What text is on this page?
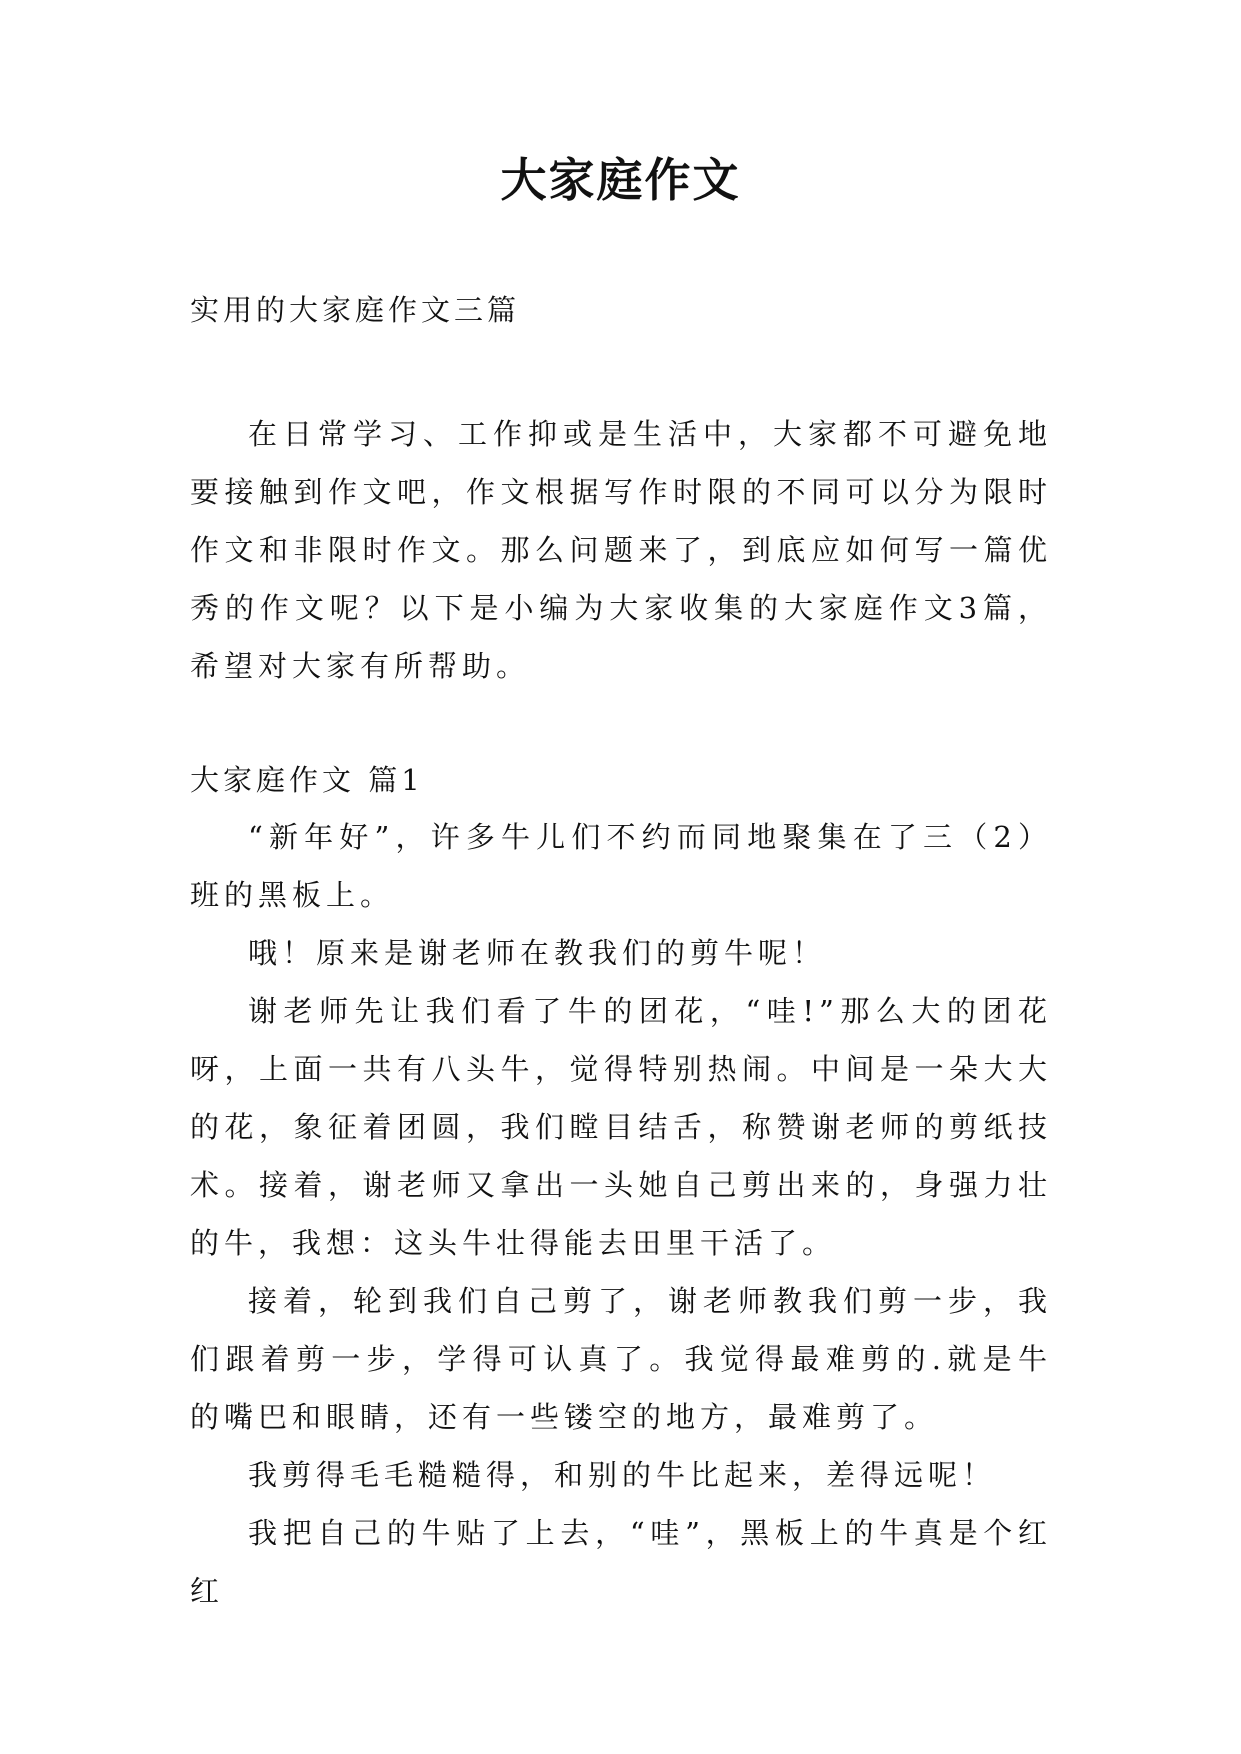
大家庭作文
实用的大家庭作文三篇

在日常学习、工作抑或是生活中，大家都不可避免地要接触到作文吧，作文根据写作时限的不同可以分为限时作文和非限时作文。那么问题来了，到底应如何写一篇优秀的作文呢？以下是小编为大家收集的大家庭作文3篇，希望对大家有所帮助。

大家庭作文 篇1

“新年好”，许多牛儿们不约而同地聚集在了三（2）班的黑板上。

哦！原来是谢老师在教我们的剪牛呢！

谢老师先让我们看了牛的团花，“哇!”那么大的团花呀，上面一共有八头牛，觉得特别热闹。中间是一朵大大的花，象征着团圆，我们瞠目结舌，称赞谢老师的剪纸技术。接着，谢老师又拿出一头她自己剪出来的，身强力壮的牛，我想：这头牛壮得能去田里干活了。

接着，轮到我们自己剪了，谢老师教我们剪一步，我们跟着剪一步，学得可认真了。我觉得最难剪的.就是牛的嘴巴和眼睛，还有一些镂空的地方，最难剪了。

我剪得毛毛糙糙得，和别的牛比起来，差得远呢！

我把自己的牛贴了上去，“哇”，黑板上的牛真是个红红
